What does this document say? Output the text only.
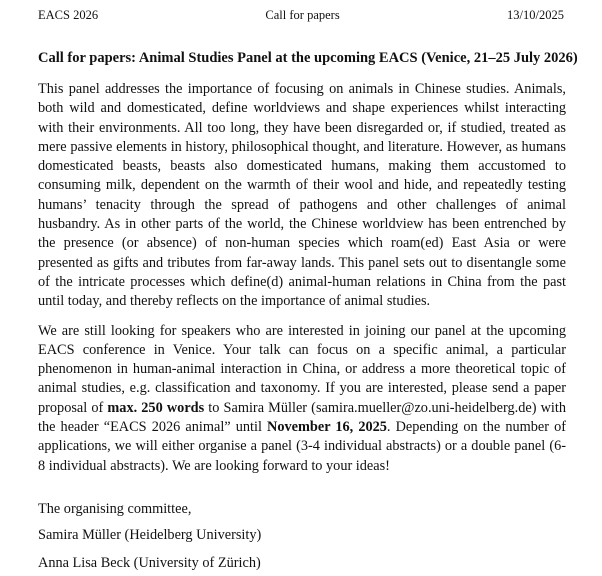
EACS 2026	Call for papers	13/10/2025
Call for papers: Animal Studies Panel at the upcoming EACS (Venice, 21–25 July 2026)

This panel addresses the importance of focusing on animals in Chinese studies. Animals, both wild and domesticated, define worldviews and shape experiences whilst interacting with their environments. All too long, they have been disregarded or, if studied, treated as mere passive elements in history, philosophical thought, and literature. However, as humans domesticated beasts, beasts also domesticated humans, making them accustomed to consuming milk, dependent on the warmth of their wool and hide, and repeatedly testing humans’ tenacity through the spread of pathogens and other challenges of animal husbandry. As in other parts of the world, the Chinese worldview has been entrenched by the presence (or absence) of non-human species which roam(ed) East Asia or were presented as gifts and tributes from far-away lands. This panel sets out to disentangle some of the intricate processes which define(d) animal-human relations in China from the past until today, and thereby reflects on the importance of animal studies.

We are still looking for speakers who are interested in joining our panel at the upcoming EACS conference in Venice. Your talk can focus on a specific animal, a particular phenomenon in human-animal interaction in China, or address a more theoretical topic of animal studies, e.g. classification and taxonomy. If you are interested, please send a paper proposal of max. 250 words to Samira Müller (samira.mueller@zo.uni-heidelberg.de) with the header “EACS 2026 animal” until November 16, 2025. Depending on the number of applications, we will either organise a panel (3-4 individual abstracts) or a double panel (6-8 individual abstracts). We are looking forward to your ideas!

The organising committee,

Samira Müller (Heidelberg University)

Anna Lisa Beck (University of Zürich)
